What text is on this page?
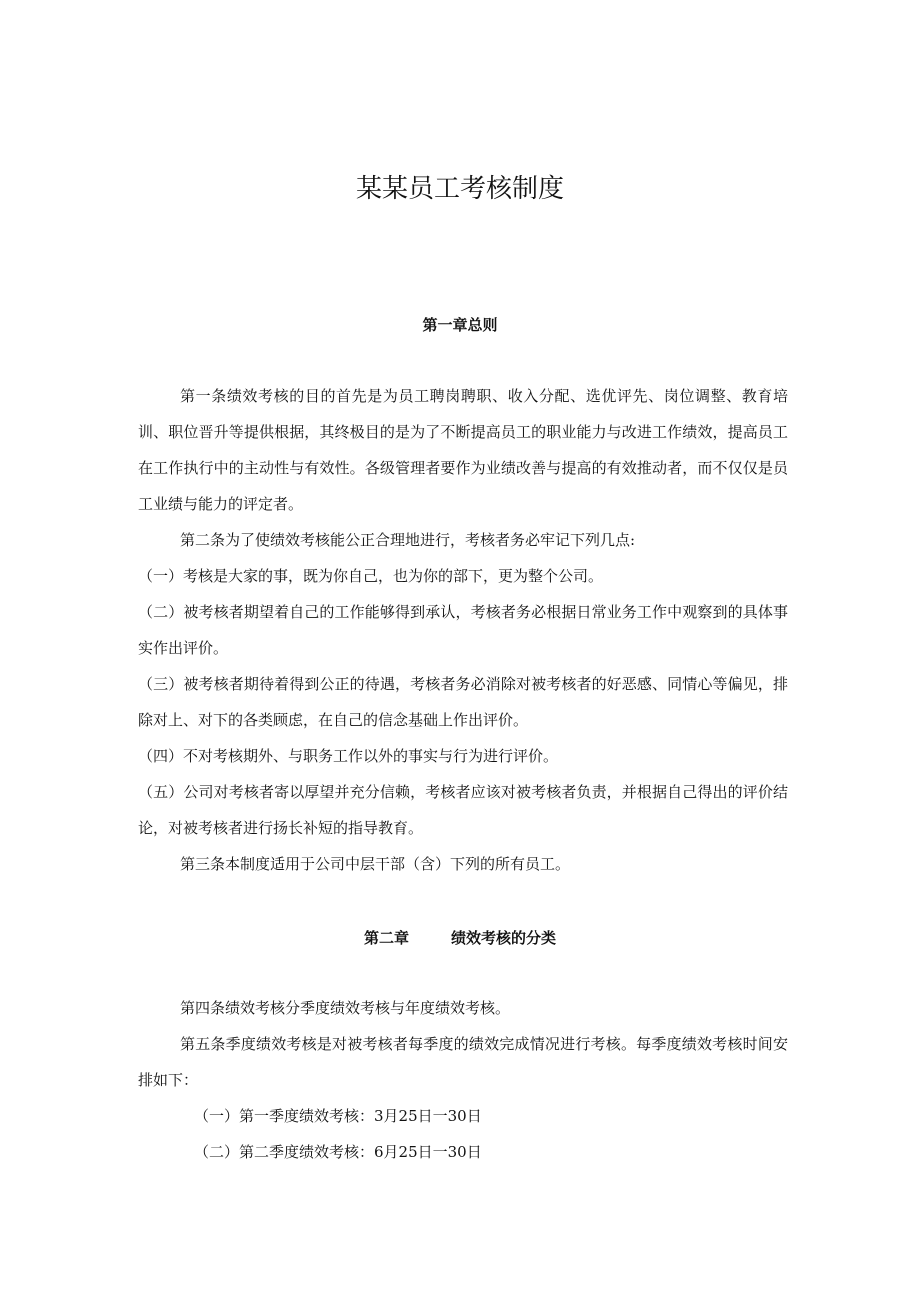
某某员工考核制度
第一章总则

第一条绩效考核的目的首先是为员工聘岗聘职、收入分配、选优评先、岗位调整、教育培训、职位晋升等提供根据，其终极目的是为了不断提高员工的职业能力与改进工作绩效，提高员工在工作执行中的主动性与有效性。各级管理者要作为业绩改善与提高的有效推动者，而不仅仅是员工业绩与能力的评定者。

第二条为了使绩效考核能公正合理地进行，考核者务必牢记下列几点:

（一）考核是大家的事，既为你自己，也为你的部下，更为整个公司。

（二）被考核者期望着自己的工作能够得到承认，考核者务必根据日常业务工作中观察到的具体事实作出评价。

（三）被考核者期待着得到公正的待遇，考核者务必消除对被考核者的好恶感、同情心等偏见，排除对上、对下的各类顾虑，在自己的信念基础上作出评价。

（四）不对考核期外、与职务工作以外的事实与行为进行评价。

（五）公司对考核者寄以厚望并充分信赖，考核者应该对被考核者负责，并根据自己得出的评价结论，对被考核者进行扬长补短的指导教育。

第三条本制度适用于公司中层干部（含）下列的所有员工。

第二章	绩效考核的分类

第四条绩效考核分季度绩效考核与年度绩效考核。

第五条季度绩效考核是对被考核者每季度的绩效完成情况进行考核。每季度绩效考核时间安排如下：

（一）第一季度绩效考核：3月25日一30日

（二）第二季度绩效考核：6月25日一30日
